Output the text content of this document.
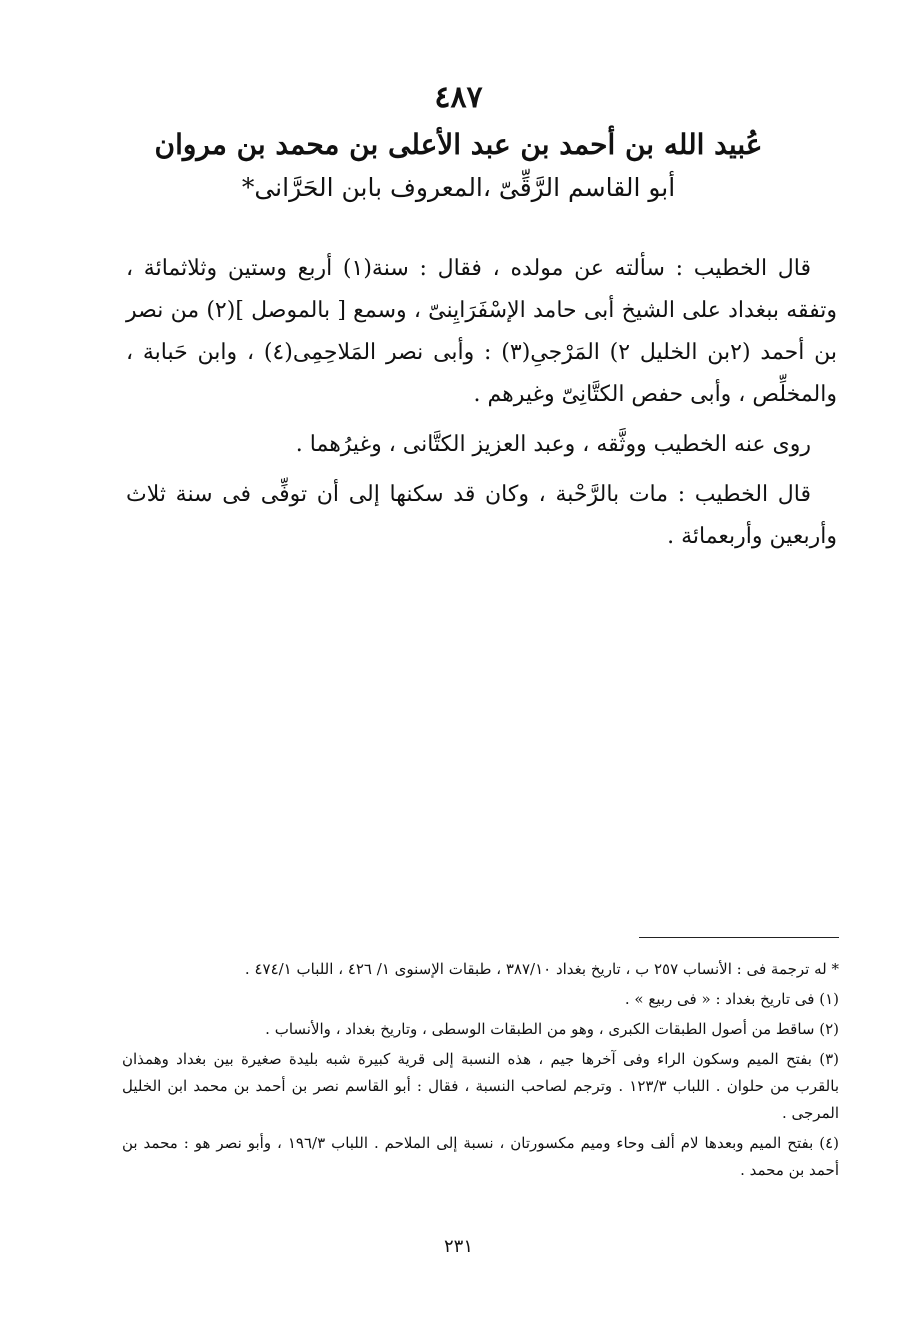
٤٨٧
عُبيد الله بن أحمد بن عبد الأعلى بن محمد بن مروان
أبو القاسم الرَّقِّىّ ،المعروف بابن الحَرَّانى*

قال الخطيب : سألته عن مولده ، فقال : سنة(١) أربع وستين وثلاثمائة ، وتفقه ببغداد على الشيخ أبى حامد الإسْفَرَايِنىّ ، وسمع [ بالموصل ](٢) من نصر بن أحمد (٢بن الخليل ٢) المَرْجىِ(٣) : وأبى نصر المَلاحِمِى(٤) ، وابن حَبابة ، والمخلِّص ، وأبى حفص الكتَّانِىّ وغيرهم .

روى عنه الخطيب ووثَّقه ، وعبد العزيز الكتَّانى ، وغيرُهما .

قال الخطيب : مات بالرَّحْبة ، وكان قد سكنها إلى أن توفِّى فى سنة ثلاث وأربعين وأربعمائة .

* له ترجمة فى : الأنساب ٢٥٧ ب ، تاريخ بغداد ٣٨٧/١٠ ، طبقات الإسنوى ١/ ٤٢٦ ، اللباب ٤٧٤/١ .

(١) فى تاريخ بغداد : « فى ربيع » .

(٢) ساقط من أصول الطبقات الكبرى ، وهو من الطبقات الوسطى ، وتاريخ بغداد ، والأنساب .

(٣) بفتح الميم وسكون الراء وفى آخرها جيم ، هذه النسبة إلى قرية كبيرة شبه بليدة صغيرة بين بغداد وهمذان بالقرب من حلوان . اللباب ١٢٣/٣ . وترجم لصاحب النسبة ، فقال : أبو القاسم نصر بن أحمد بن محمد ابن الخليل المرجى .

(٤) بفتح الميم وبعدها لام ألف وحاء وميم مكسورتان ، نسبة إلى الملاحم . اللباب ١٩٦/٣ ، وأبو نصر هو : محمد بن أحمد بن محمد .

٢٣١
